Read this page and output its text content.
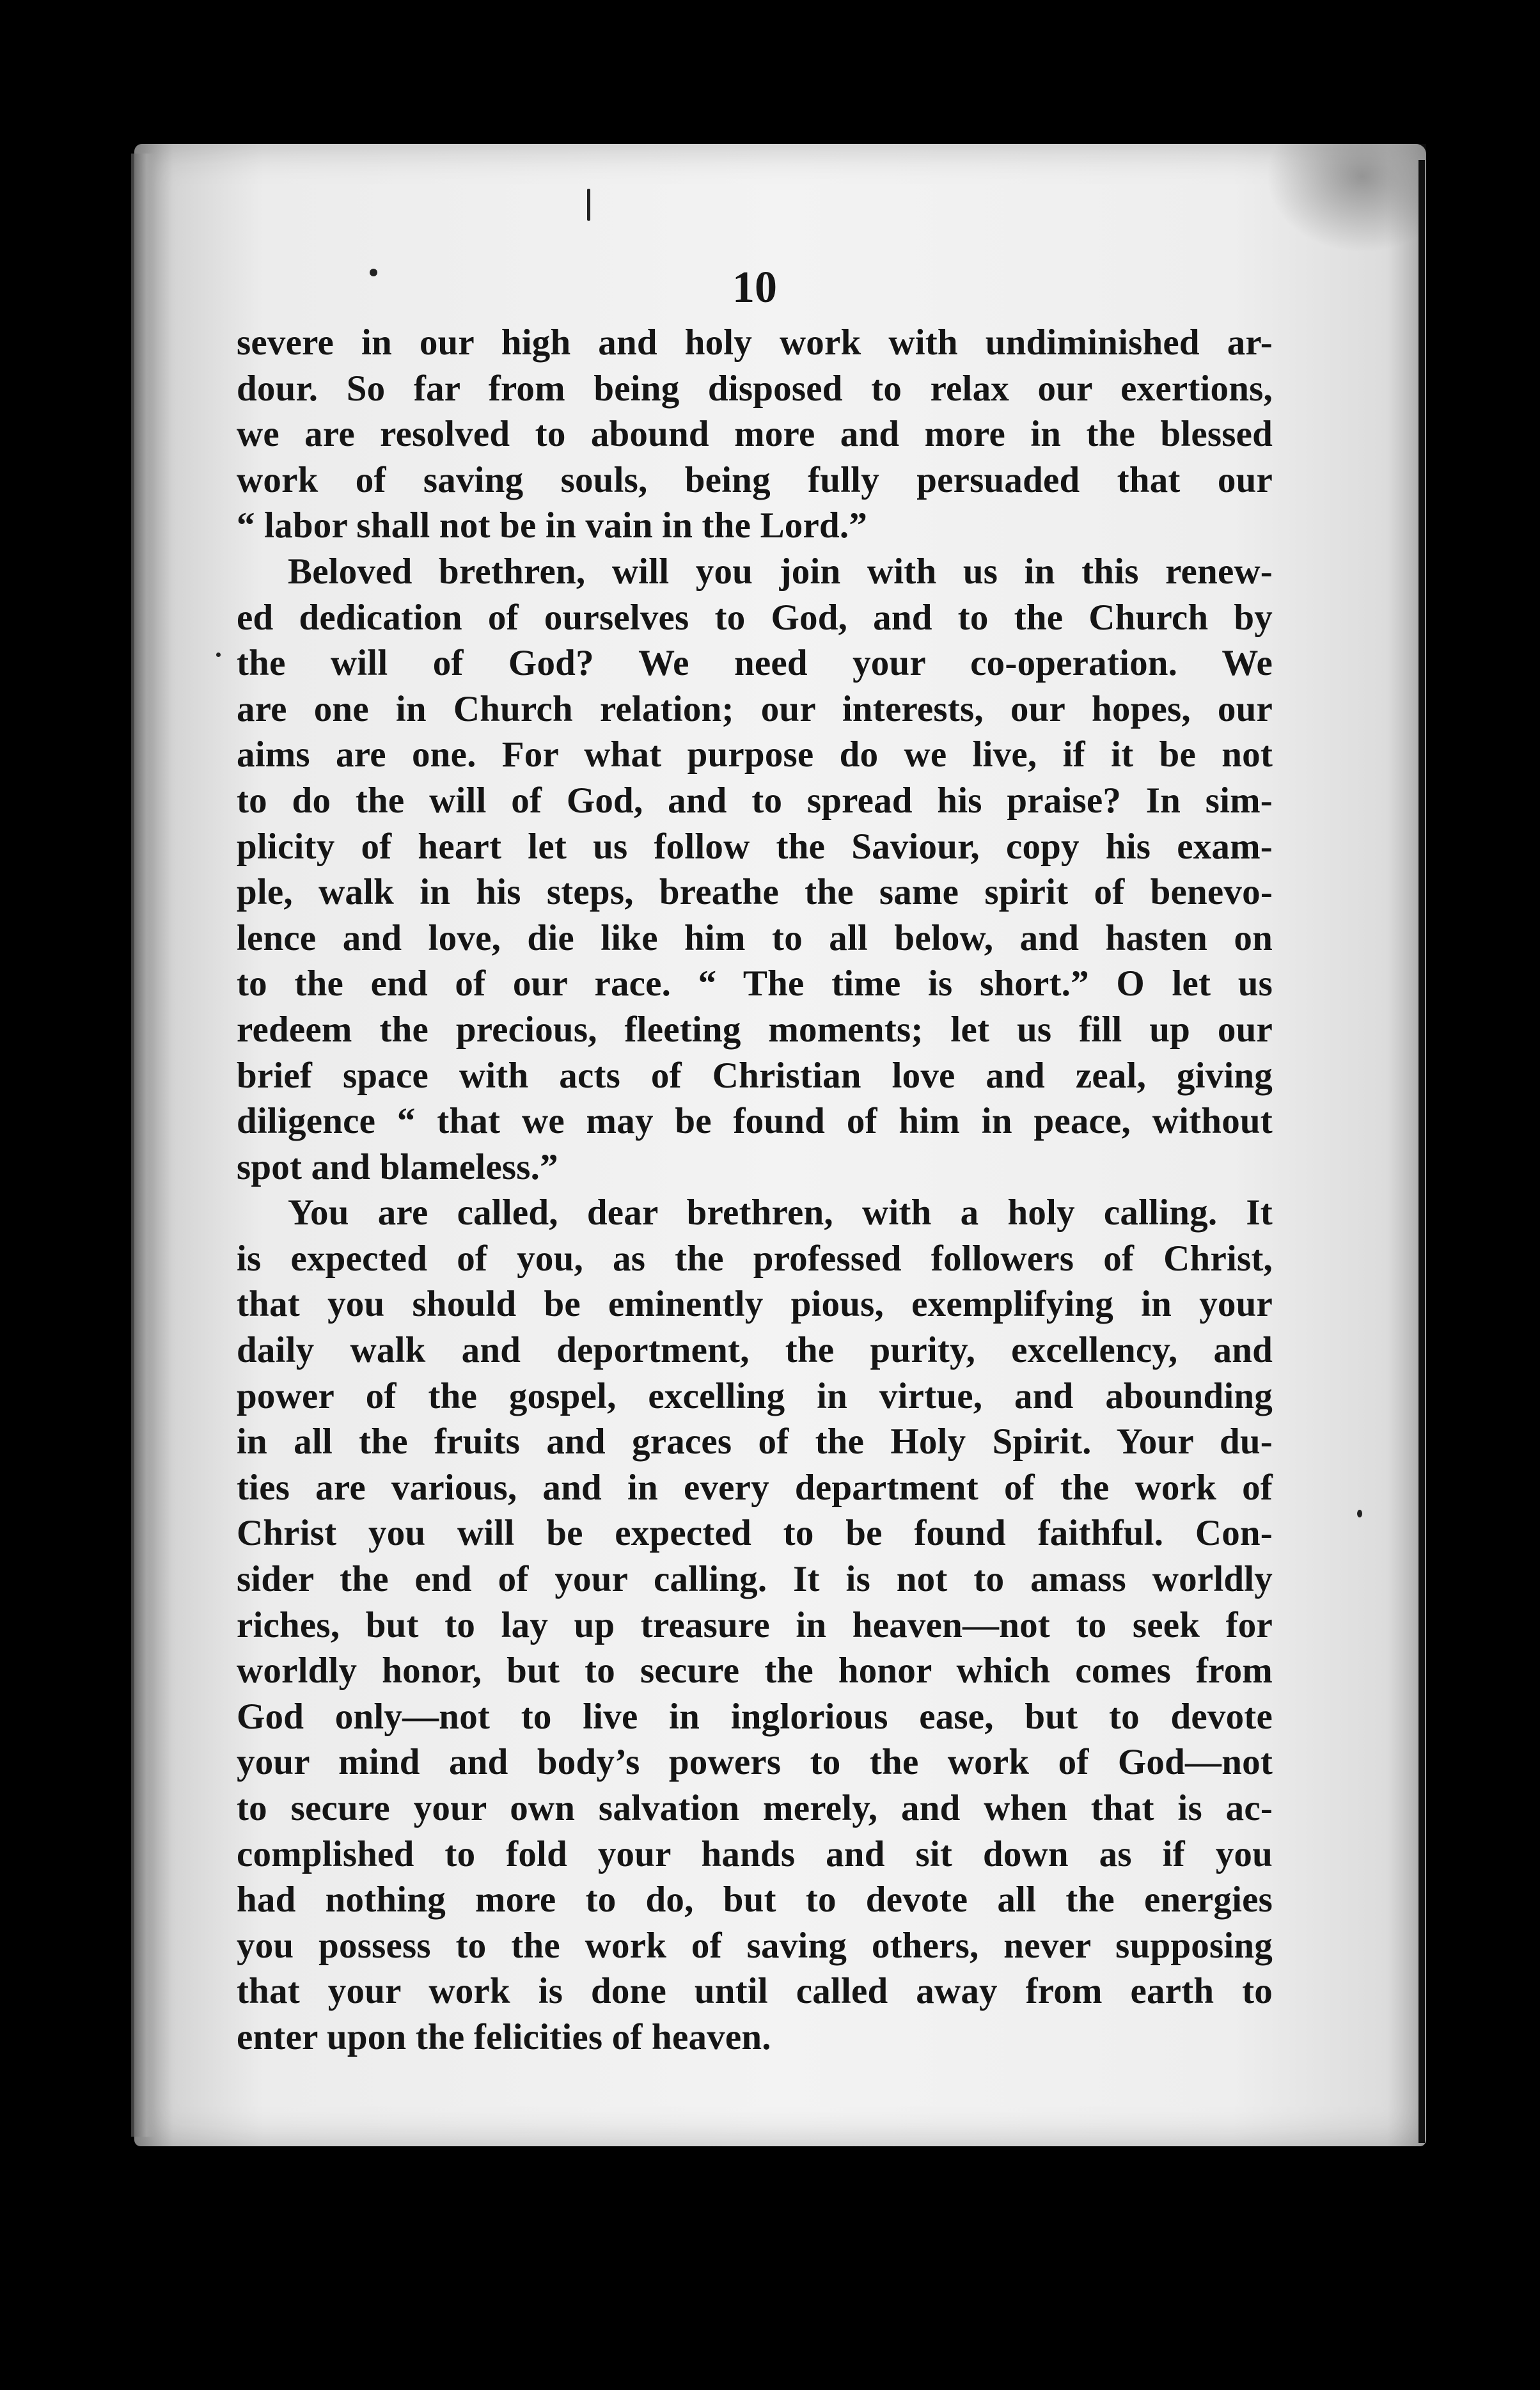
10
severe in our high and holy work with undiminished ar-
dour. So far from being disposed to relax our exertions,
we are resolved to abound more and more in the blessed
work of saving souls, being fully persuaded that our
“ labor shall not be in vain in the Lord.”
Beloved brethren, will you join with us in this renew-
ed dedication of ourselves to God, and to the Church by
the will of God? We need your co-operation. We
are one in Church relation; our interests, our hopes, our
aims are one. For what purpose do we live, if it be not
to do the will of God, and to spread his praise? In sim-
plicity of heart let us follow the Saviour, copy his exam-
ple, walk in his steps, breathe the same spirit of benevo-
lence and love, die like him to all below, and hasten on
to the end of our race. “ The time is short.” O let us
redeem the precious, fleeting moments; let us fill up our
brief space with acts of Christian love and zeal, giving
diligence “ that we may be found of him in peace, without
spot and blameless.”
You are called, dear brethren, with a holy calling. It
is expected of you, as the professed followers of Christ,
that you should be eminently pious, exemplifying in your
daily walk and deportment, the purity, excellency, and
power of the gospel, excelling in virtue, and abounding
in all the fruits and graces of the Holy Spirit. Your du-
ties are various, and in every department of the work of
Christ you will be expected to be found faithful. Con-
sider the end of your calling. It is not to amass worldly
riches, but to lay up treasure in heaven—not to seek for
worldly honor, but to secure the honor which comes from
God only—not to live in inglorious ease, but to devote
your mind and body’s powers to the work of God—not
to secure your own salvation merely, and when that is ac-
complished to fold your hands and sit down as if you
had nothing more to do, but to devote all the energies
you possess to the work of saving others, never supposing
that your work is done until called away from earth to
enter upon the felicities of heaven.
